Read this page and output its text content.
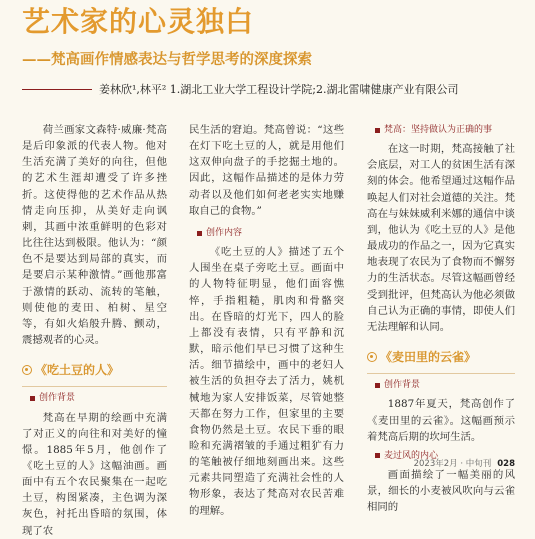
艺术家的心灵独白
——梵高画作情感表达与哲学思考的深度探索
姜林欣¹,林平² 1.湖北工业大学工程设计学院;2.湖北雷啸健康产业有限公司

荷兰画家文森特·威廉·梵高是后印象派的代表人物。他对生活充满了美好的向往，但他的艺术生涯却遭受了许多挫折。这使得他的艺术作品从热情走向压抑，从美好走向讽刺，其画中浓重鲜明的色彩对比往往达到极限。他认为：“颜色不是要达到局部的真实，而是要启示某种激情。”画他那富于激情的跃动、流转的笔触，则使他的麦田、柏树、星空等，有如火焰般升腾、颤动，震撼观者的心灵。

《吃土豆的人》
创作背景

梵高在早期的绘画中充满了对正义的向往和对美好的憧憬。1885年5月，他创作了《吃土豆的人》这幅油画。画面中有五个农民聚集在一起吃土豆，构图紧凑，主色调为深灰色，衬托出昏暗的氛围，体现了农

民生活的窘迫。梵高曾说：“这些在灯下吃土豆的人，就是用他们这双伸向盘子的手挖掘土地的。因此，这幅作品描述的是体力劳动者以及他们如何老老实实地赚取自己的食物。”

创作内容

《吃土豆的人》描述了五个人围坐在桌子旁吃土豆。画面中的人物特征明显，他们面容憔悴，手指粗糙，肌肉和骨骼突出。在昏暗的灯光下，四人的脸上都没有表情，只有平静和沉默，暗示他们早已习惯了这种生活。细节描绘中，画中的老妇人被生活的负担夺去了活力，姚机械地为家人安排饭菜，尽管她整天都在努力工作，但家里的主要食物仍然是土豆。农民下垂的眼睑和充满褶皱的手通过粗犷有力的笔触被仔细地刻画出来。这些元素共同塑造了充满社会性的人物形象，表达了梵高对农民苦难的理解。

梵高：坚持做认为正确的事

在这一时期，梵高接触了社会底层，对工人的贫困生活有深刻的体会。他希望通过这幅作品唤起人们对社会道德的关注。梵高在与妹妹威利米娜的通信中谈到，他认为《吃土豆的人》是他最成功的作品之一，因为它真实地表现了农民为了食物而不懈努力的生活状态。尽管这幅画曾经受到批评，但梵高认为他必须做自己认为正确的事情，即使人们无法理解和认同。

《麦田里的云雀》
创作背景

1887年夏天，梵高创作了《麦田里的云雀》。这幅画预示着梵高后期的坎坷生活。

麦过风的内心

画面描绘了一幅美丽的风景，细长的小麦被风吹向与云雀相同的

2023年2月 · 中旬刊 028
